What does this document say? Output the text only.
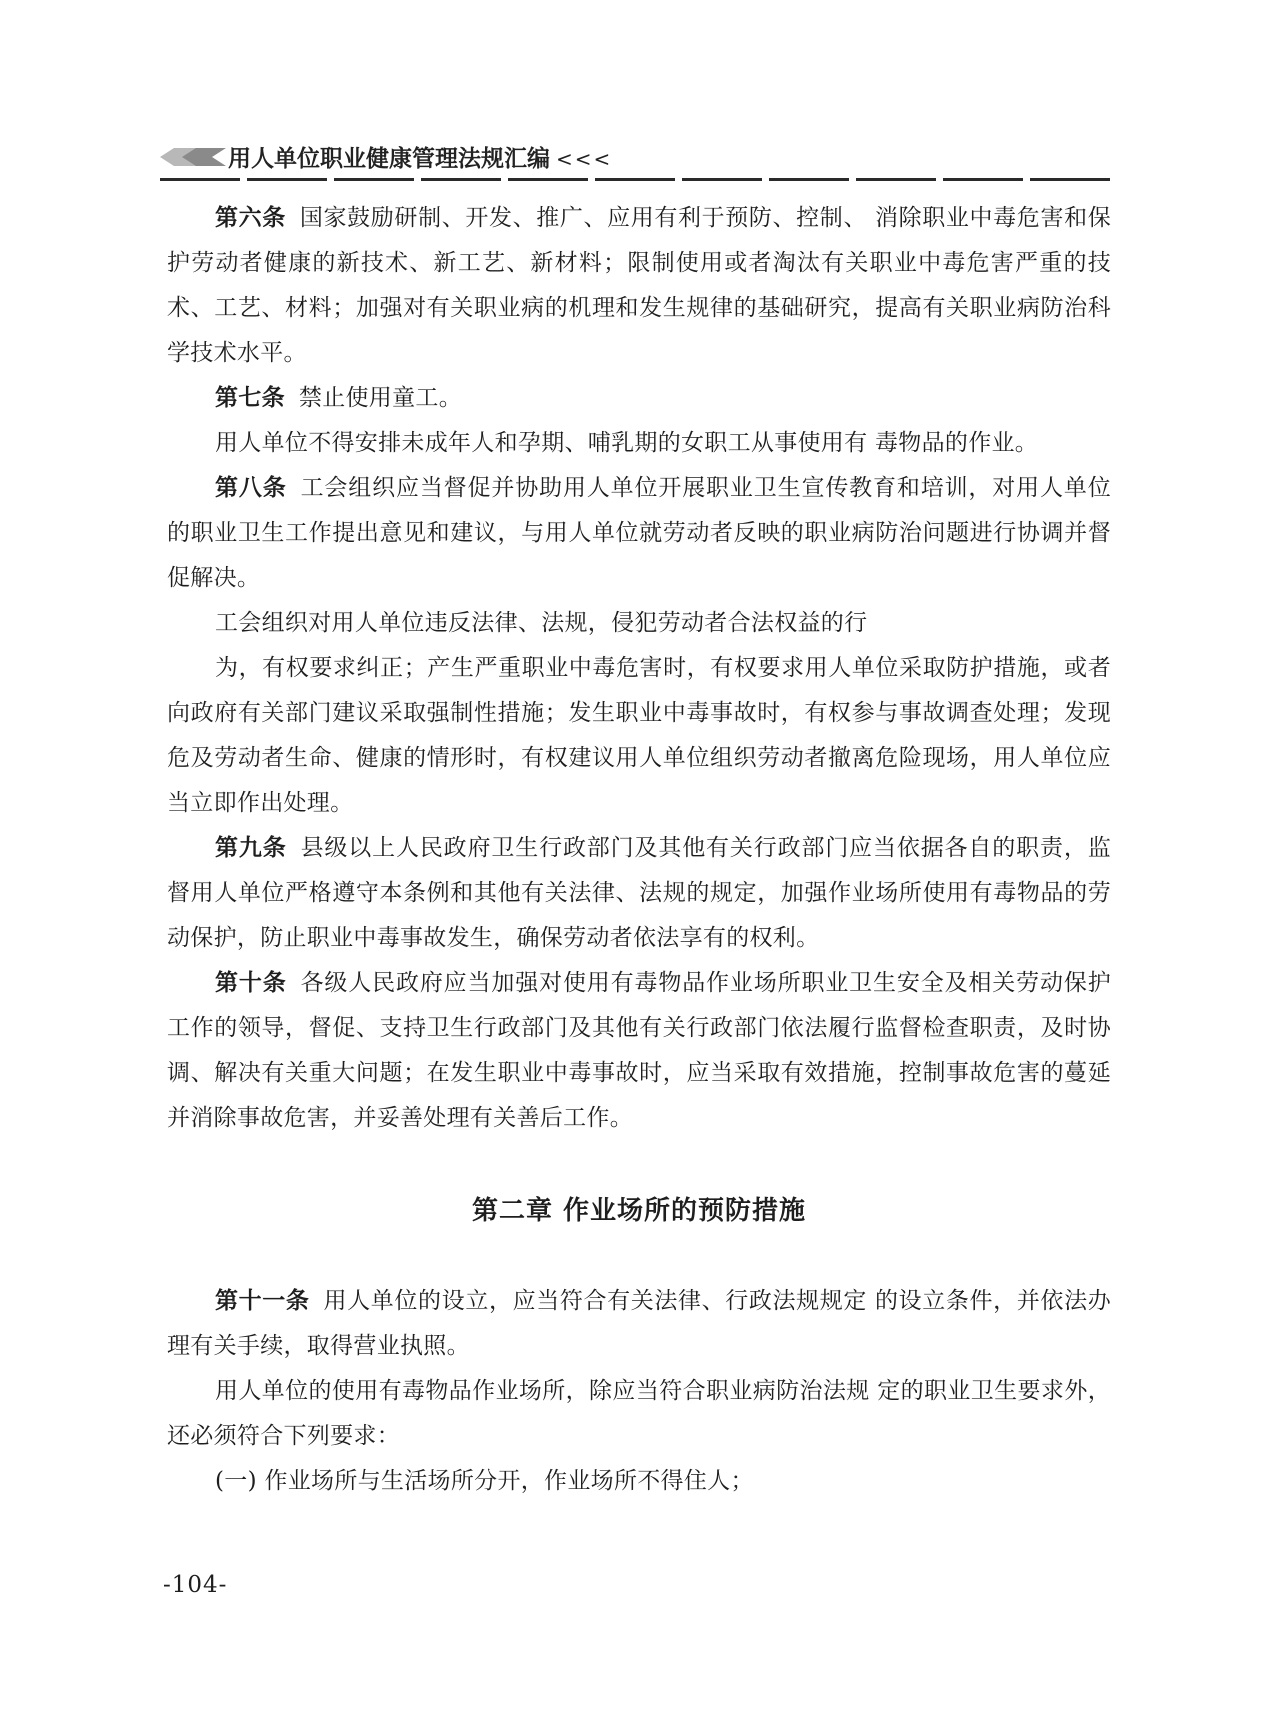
用人单位职业健康管理法规汇编 <<<

第六条 国家鼓励研制、开发、推广、应用有利于预防、控制、 消除职业中毒危害和保护劳动者健康的新技术、新工艺、新材料；限制使用或者淘汰有关职业中毒危害严重的技术、工艺、材料；加强对有关职业病的机理和发生规律的基础研究，提高有关职业病防治科学技术水平。

第七条 禁止使用童工。

用人单位不得安排未成年人和孕期、哺乳期的女职工从事使用有 毒物品的作业。

第八条 工会组织应当督促并协助用人单位开展职业卫生宣传教育和培训，对用人单位的职业卫生工作提出意见和建议，与用人单位就劳动者反映的职业病防治问题进行协调并督促解决。

工会组织对用人单位违反法律、法规，侵犯劳动者合法权益的行

为，有权要求纠正；产生严重职业中毒危害时，有权要求用人单位采取防护措施，或者向政府有关部门建议采取强制性措施；发生职业中毒事故时，有权参与事故调查处理；发现危及劳动者生命、健康的情形时，有权建议用人单位组织劳动者撤离危险现场，用人单位应当立即作出处理。

第九条 县级以上人民政府卫生行政部门及其他有关行政部门应当依据各自的职责，监督用人单位严格遵守本条例和其他有关法律、法规的规定，加强作业场所使用有毒物品的劳动保护，防止职业中毒事故发生，确保劳动者依法享有的权利。

第十条 各级人民政府应当加强对使用有毒物品作业场所职业卫生安全及相关劳动保护工作的领导，督促、支持卫生行政部门及其他有关行政部门依法履行监督检查职责，及时协调、解决有关重大问题；在发生职业中毒事故时，应当采取有效措施，控制事故危害的蔓延并消除事故危害，并妥善处理有关善后工作。

第二章 作业场所的预防措施

第十一条 用人单位的设立，应当符合有关法律、行政法规规定 的设立条件，并依法办理有关手续，取得营业执照。

用人单位的使用有毒物品作业场所，除应当符合职业病防治法规 定的职业卫生要求外，还必须符合下列要求：

(一) 作业场所与生活场所分开，作业场所不得住人；

-104-
